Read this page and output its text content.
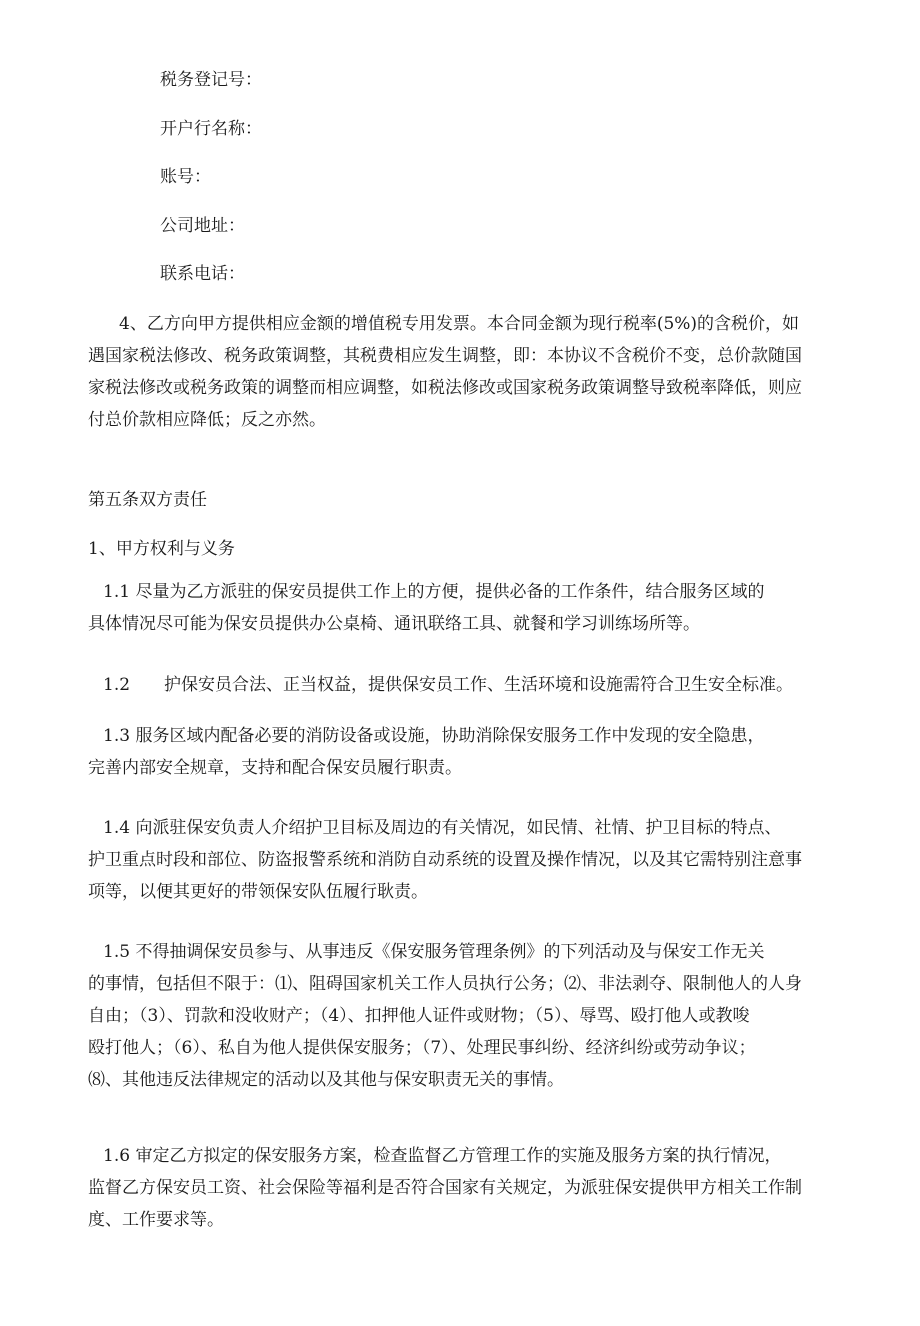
税务登记号：

开户行名称：

账号：

公司地址：

联系电话：

4、乙方向甲方提供相应金额的增值税专用发票。本合同金额为现行税率(5%)的含税价，如
遇国家税法修改、税务政策调整，其税费相应发生调整，即：本协议不含税价不变，总价款随国
家税法修改或税务政策的调整而相应调整，如税法修改或国家税务政策调整导致税率降低，则应
付总价款相应降低；反之亦然。

第五条双方责任

1、甲方权利与义务

1.1 尽量为乙方派驻的保安员提供工作上的方便，提供必备的工作条件，结合服务区域的
具体情况尽可能为保安员提供办公桌椅、通讯联络工具、就餐和学习训练场所等。
1.2　　护保安员合法、正当权益，提供保安员工作、生活环境和设施需符合卫生安全标准。
1.3 服务区域内配备必要的消防设备或设施，协助消除保安服务工作中发现的安全隐患，
完善内部安全规章，支持和配合保安员履行职责。
1.4 向派驻保安负责人介绍护卫目标及周边的有关情况，如民情、社情、护卫目标的特点、
护卫重点时段和部位、防盗报警系统和消防自动系统的设置及操作情况，以及其它需特别注意事
项等，以便其更好的带领保安队伍履行耿责。
1.5 不得抽调保安员参与、从事违反《保安服务管理条例》的下列活动及与保安工作无关
的事情，包括但不限于：⑴、阻碍国家机关工作人员执行公务；⑵、非法剥夺、限制他人的人身
自由；（3）、罚款和没收财产；（4）、扣押他人证件或财物；（5）、辱骂、殴打他人或教唆
殴打他人；（6）、私自为他人提供保安服务；（7）、处理民事纠纷、经济纠纷或劳动争议；
⑻、其他违反法律规定的活动以及其他与保安职责无关的事情。
1.6 审定乙方拟定的保安服务方案，检查监督乙方管理工作的实施及服务方案的执行情况，
监督乙方保安员工资、社会保险等福利是否符合国家有关规定，为派驻保安提供甲方相关工作制
度、工作要求等。
